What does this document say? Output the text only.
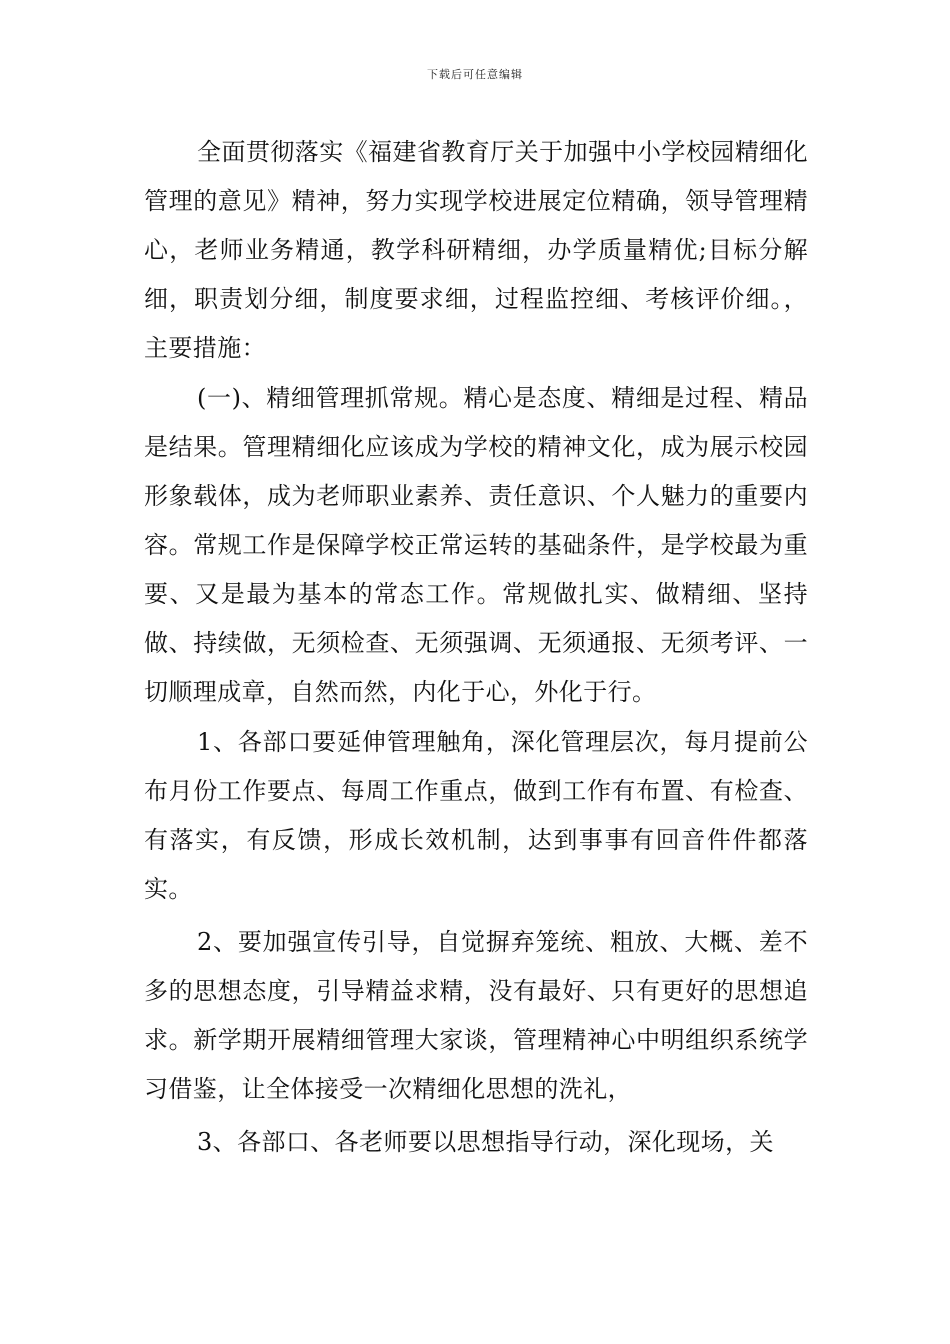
下载后可任意编辑

全面贯彻落实《福建省教育厅关于加强中小学校园精细化管理的意见》精神，努力实现学校进展定位精确，领导管理精心，老师业务精通，教学科研精细，办学质量精优;目标分解细，职责划分细，制度要求细，过程监控细、考核评价细。，主要措施：

(一)、精细管理抓常规。精心是态度、精细是过程、精品是结果。管理精细化应该成为学校的精神文化，成为展示校园形象载体，成为老师职业素养、责任意识、个人魅力的重要内容。常规工作是保障学校正常运转的基础条件，是学校最为重要、又是最为基本的常态工作。常规做扎实、做精细、坚持做、持续做，无须检查、无须强调、无须通报、无须考评、一切顺理成章，自然而然，内化于心，外化于行。

1、各部口要延伸管理触角，深化管理层次，每月提前公布月份工作要点、每周工作重点，做到工作有布置、有检查、有落实，有反馈，形成长效机制，达到事事有回音件件都落实。

2、要加强宣传引导，自觉摒弃笼统、粗放、大概、差不多的思想态度，引导精益求精，没有最好、只有更好的思想追求。新学期开展精细管理大家谈，管理精神心中明组织系统学习借鉴，让全体接受一次精细化思想的洗礼，

3、各部口、各老师要以思想指导行动，深化现场，关
